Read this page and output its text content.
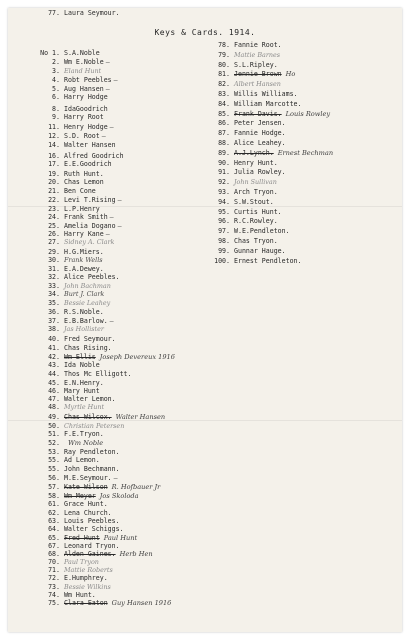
Keys & Cards. 1914.
No 1. S.A.Noble
2. Wm E.Noble –
3. Eland Hunt
4. Robt Peebles –
5. Aug Hansen –
6. Harry Hodge
8. IdaGoodrich
9. Harry Root
11. Henry Hodge –
12. S.D. Root –
14. Walter Hansen
16. Alfred Goodrich
17. E.E.Goodrich
19. Ruth Hunt.
20. Chas Lemon
21. Ben Cone
22. Levi T.Rising –
23. L.P.Henry
24. Frank Smith –
25. Amelia Dogano –
26. Harry Kane –
27. Sidney A. Clark
29. H.G.Miers.
30. Frank Wells
31. E.A.Dewey.
32. Alice Peebles.
33. John Bachman
34. Burt J. Clark
35. Bessie Leahey
36. R.S.Noble.
37. E.B.Barlow. –
38. Jas Hollister
40. Fred Seymour.
41. Chas Rising.
42. Wm Ellis Joseph Devereux 1916
43. Ida Noble
44. Thos Mc Elligott.
45. E.N.Henry.
46. Mary Hunt
47. Walter Lemon.
48. Myrtle Hunt
49. Chas Wilcox. Walter Hansen
50. Christian Petersen
51. F.E.Tryon.
52. Wm Noble
53. Ray Pendleton.
55. Ad Lemon.
55. John Bechmann.
56. M.E.Seymour. –
57. Kate Wilson R. Hofbauer Jr
58. Wm Meyer Jos Skoloda
61. Grace Hunt.
62. Lena Church.
63. Louis Peebles.
64. Walter Schiggs.
65. Fred Hunt Paul Hunt
67. Leonard Tryon.
68. Alden Gaines. Herb Hen
70. Paul Tryon
71. Mattie Roberts
72. E.Humphrey.
73. Bessie Wilkins
74. Wm Hunt.
75. Clara Eaton Guy Hansen 1916
77. Laura Seymour.
78. Fannie Root.
79. Mattie Barnes
80. S.L.Ripley.
81. Jennie Brown Ho
82. Albert Hansen
83. Willis Williams.
84. William Marcotte.
85. Frank Davis. Louis Rowley
86. Peter Jensen.
87. Fannie Hodge.
88. Alice Leahey.
89. A.J.Lynch. Ernest Bechman
90. Henry Hunt.
91. Julia Rowley.
92. John Sullivan
93. Arch Tryon.
94. S.W.Stout.
95. Curtis Hunt.
96. R.C.Rowley.
97. W.E.Pendleton.
98. Chas Tryon.
99. Gunnar Hauge.
100. Ernest Pendleton.
